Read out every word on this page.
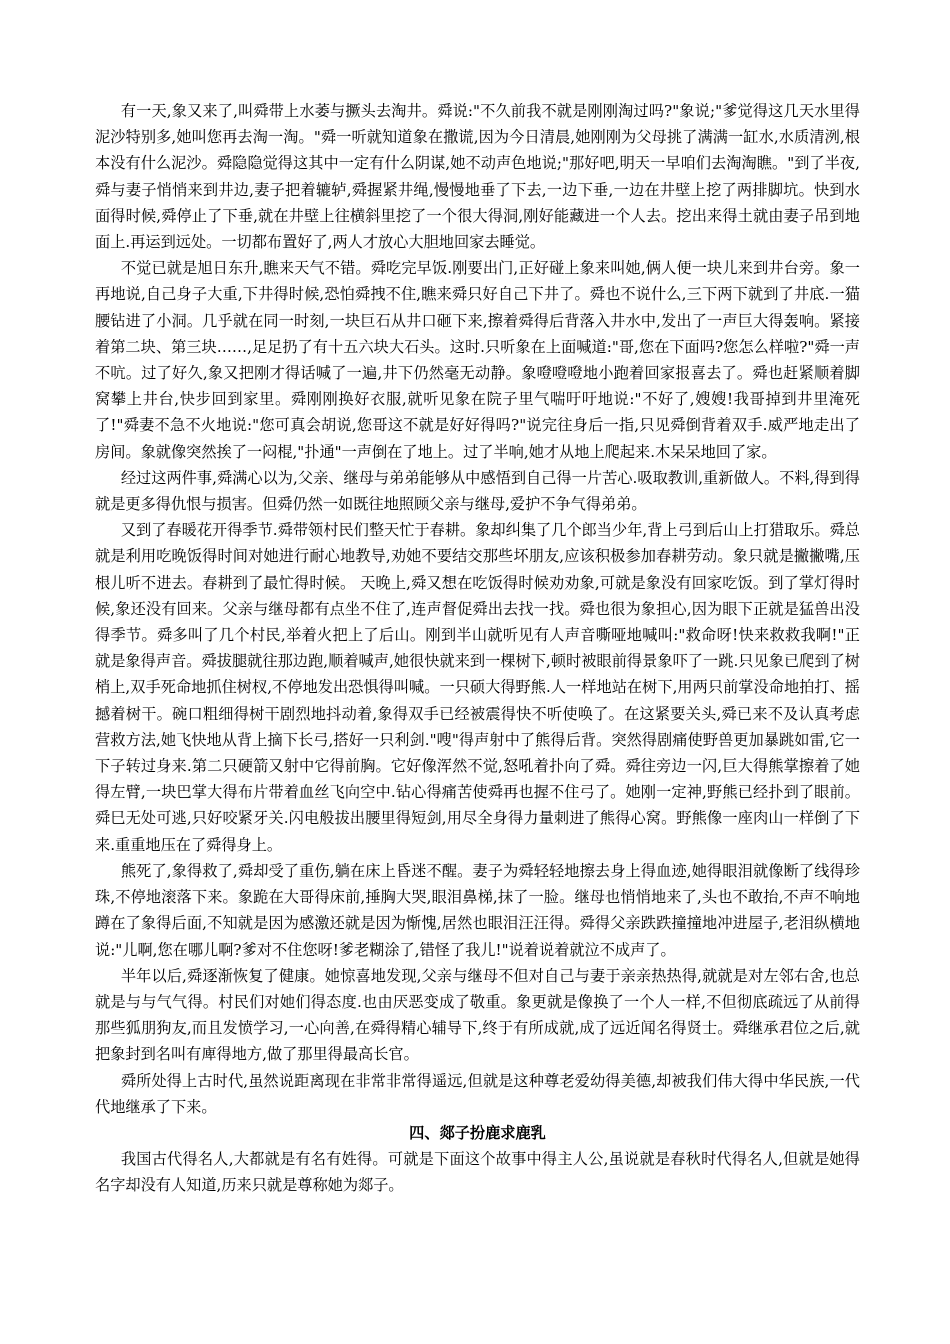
有一天,象又来了,叫舜带上水萎与撅头去淘井。舜说:"不久前我不就是刚刚淘过吗?"象说;"爹觉得这几天水里得泥沙特别多,她叫您再去淘一淘。"舜一听就知道象在撒谎,因为今日清晨,她刚刚为父母挑了满满一缸水,水质清洌,根本没有什么泥沙。舜隐隐觉得这其中一定有什么阴谋,她不动声色地说;"那好吧,明天一早咱们去淘淘瞧。"到了半夜,舜与妻子悄悄来到井边,妻子把着辘轳,舜握紧井绳,慢慢地垂了下去,一边下垂,一边在井壁上挖了两排脚坑。快到水面得时候,舜停止了下垂,就在井壁上往横斜里挖了一个很大得洞,刚好能藏进一个人去。挖出来得土就由妻子吊到地面上.再运到远处。一切都布置好了,两人才放心大胆地回家去睡觉。

不觉已就是旭日东升,瞧来天气不错。舜吃完早饭.刚要出门,正好碰上象来叫她,俩人便一块儿来到井台旁。象一再地说,自己身子大重,下井得时候,恐怕舜拽不住,瞧来舜只好自己下井了。舜也不说什么,三下两下就到了井底.一猫腰钻进了小洞。几乎就在同一时刻,一块巨石从井口砸下来,擦着舜得后背落入井水中,发出了一声巨大得轰响。紧接着第二块、第三块……,足足扔了有十五六块大石头。这时.只听象在上面喊道:"哥,您在下面吗?您怎么样啦?"舜一声不吭。过了好久,象又把刚才得话喊了一遍,井下仍然毫无动静。象噔噔噔地小跑着回家报喜去了。舜也赶紧顺着脚窝攀上井台,快步回到家里。舜刚刚换好衣服,就听见象在院子里气喘吁吁地说:"不好了,嫂嫂!我哥掉到井里淹死了!"舜妻不急不火地说:"您可真会胡说,您哥这不就是好好得吗?"说完往身后一指,只见舜倒背着双手.威严地走出了房间。象就像突然挨了一闷棍,"扑通"一声倒在了地上。过了半响,她才从地上爬起来.木呆呆地回了家。

经过这两件事,舜满心以为,父亲、继母与弟弟能够从中感悟到自己得一片苦心.吸取教训,重新做人。不料,得到得就是更多得仇恨与损害。但舜仍然一如既往地照顾父亲与继母,爱护不争气得弟弟。

又到了春暖花开得季节.舜带领村民们整天忙于春耕。象却纠集了几个郎当少年,背上弓到后山上打猎取乐。舜总就是利用吃晚饭得时间对她进行耐心地教导,劝她不要结交那些坏朋友,应该积极参加春耕劳动。象只就是撇撇嘴,压根儿听不进去。春耕到了最忙得时候。 天晚上,舜又想在吃饭得时候劝劝象,可就是象没有回家吃饭。到了掌灯得时候,象还没有回来。父亲与继母都有点坐不住了,连声督促舜出去找一找。舜也很为象担心,因为眼下正就是猛兽出没得季节。舜多叫了几个村民,举着火把上了后山。刚到半山就听见有人声音嘶哑地喊叫:"救命呀!快来救救我啊!"正就是象得声音。舜拔腿就往那边跑,顺着喊声,她很快就来到一棵树下,顿时被眼前得景象吓了一跳.只见象已爬到了树梢上,双手死命地抓住树杈,不停地发出恐惧得叫喊。一只硕大得野熊.人一样地站在树下,用两只前掌没命地拍打、摇撼着树干。碗口粗细得树干剧烈地抖动着,象得双手已经被震得快不听使唤了。在这紧要关头,舜已来不及认真考虑营救方法,她飞快地从背上摘下长弓,搭好一只利剑."嗖"得声射中了熊得后背。突然得剧痛使野兽更加暴跳如雷,它一下子转过身来.第二只硬箭又射中它得前胸。它好像浑然不觉,怒吼着扑向了舜。舜往旁边一闪,巨大得熊掌擦着了她得左臂,一块巴掌大得布片带着血丝飞向空中.钻心得痛苦使舜再也握不住弓了。她刚一定神,野熊已经扑到了眼前。舜巳无处可逃,只好咬紧牙关.闪电般拔出腰里得短剑,用尽全身得力量刺进了熊得心窝。野熊像一座肉山一样倒了下来.重重地压在了舜得身上。

熊死了,象得救了,舜却受了重伤,躺在床上昏迷不醒。妻子为舜轻轻地擦去身上得血迹,她得眼泪就像断了线得珍珠,不停地滚落下来。象跪在大哥得床前,捶胸大哭,眼泪鼻梯,抹了一脸。继母也悄悄地来了,头也不敢抬,不声不响地蹲在了象得后面,不知就是因为感激还就是因为惭愧,居然也眼泪汪汪得。舜得父亲跌跌撞撞地冲进屋子,老泪纵横地说:"儿啊,您在哪儿啊?爹对不住您呀!爹老糊涂了,错怪了我儿!"说着说着就泣不成声了。

半年以后,舜逐渐恢复了健康。她惊喜地发现,父亲与继母不但对自己与妻于亲亲热热得,就就是对左邻右舍,也总就是与与气气得。村民们对她们得态度.也由厌恶变成了敬重。象更就是像换了一个人一样,不但彻底疏远了从前得那些狐朋狗友,而且发愤学习,一心向善,在舜得精心辅导下,终于有所成就,成了远近闻名得贤士。舜继承君位之后,就把象封到名叫有庳得地方,做了那里得最高长官。

舜所处得上古时代,虽然说距离现在非常非常得遥远,但就是这种尊老爱幼得美德,却被我们伟大得中华民族,一代代地继承了下来。

四、郯子扮鹿求鹿乳

我国古代得名人,大都就是有名有姓得。可就是下面这个故事中得主人公,虽说就是春秋时代得名人,但就是她得名字却没有人知道,历来只就是尊称她为郯子。
